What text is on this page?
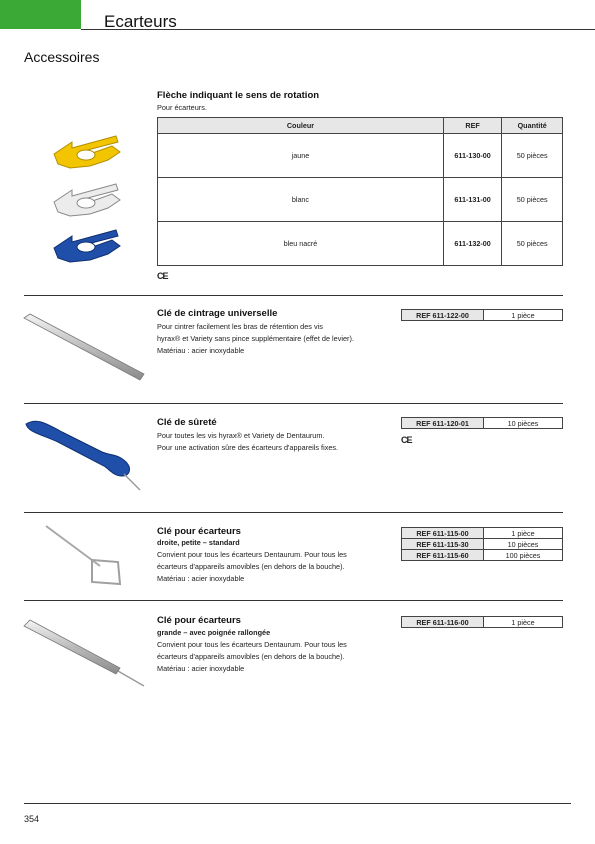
Ecarteurs
Accessoires
Flèche indiquant le sens de rotation
Pour écarteurs.
Couleur	REF	Quantité
jaune	611-130-00	50 pièces
blanc	611-131-00	50 pièces
bleu nacré	611-132-00	50 pièces
CE
Clé de cintrage universelle
Pour cintrer facilement les bras de rétention des vis
hyrax® et Variety sans pince supplémentaire (effet de levier).
Matériau : acier inoxydable
REF 611-122-00	1 pièce
Clé de sûreté
Pour toutes les vis hyrax® et Variety de Dentaurum.
Pour une activation sûre des écarteurs d'appareils fixes.
REF 611-120-01	10 pièces
CE
Clé pour écarteurs
droite, petite – standard
Convient pour tous les écarteurs Dentaurum. Pour tous les
écarteurs d'appareils amovibles (en dehors de la bouche).
Matériau : acier inoxydable
REF 611-115-00	1 pièce
REF 611-115-30	10 pièces
REF 611-115-60	100 pièces
Clé pour écarteurs
grande – avec poignée rallongée
Convient pour tous les écarteurs Dentaurum. Pour tous les
écarteurs d'appareils amovibles (en dehors de la bouche).
Matériau : acier inoxydable
REF 611-116-00	1 pièce
354
